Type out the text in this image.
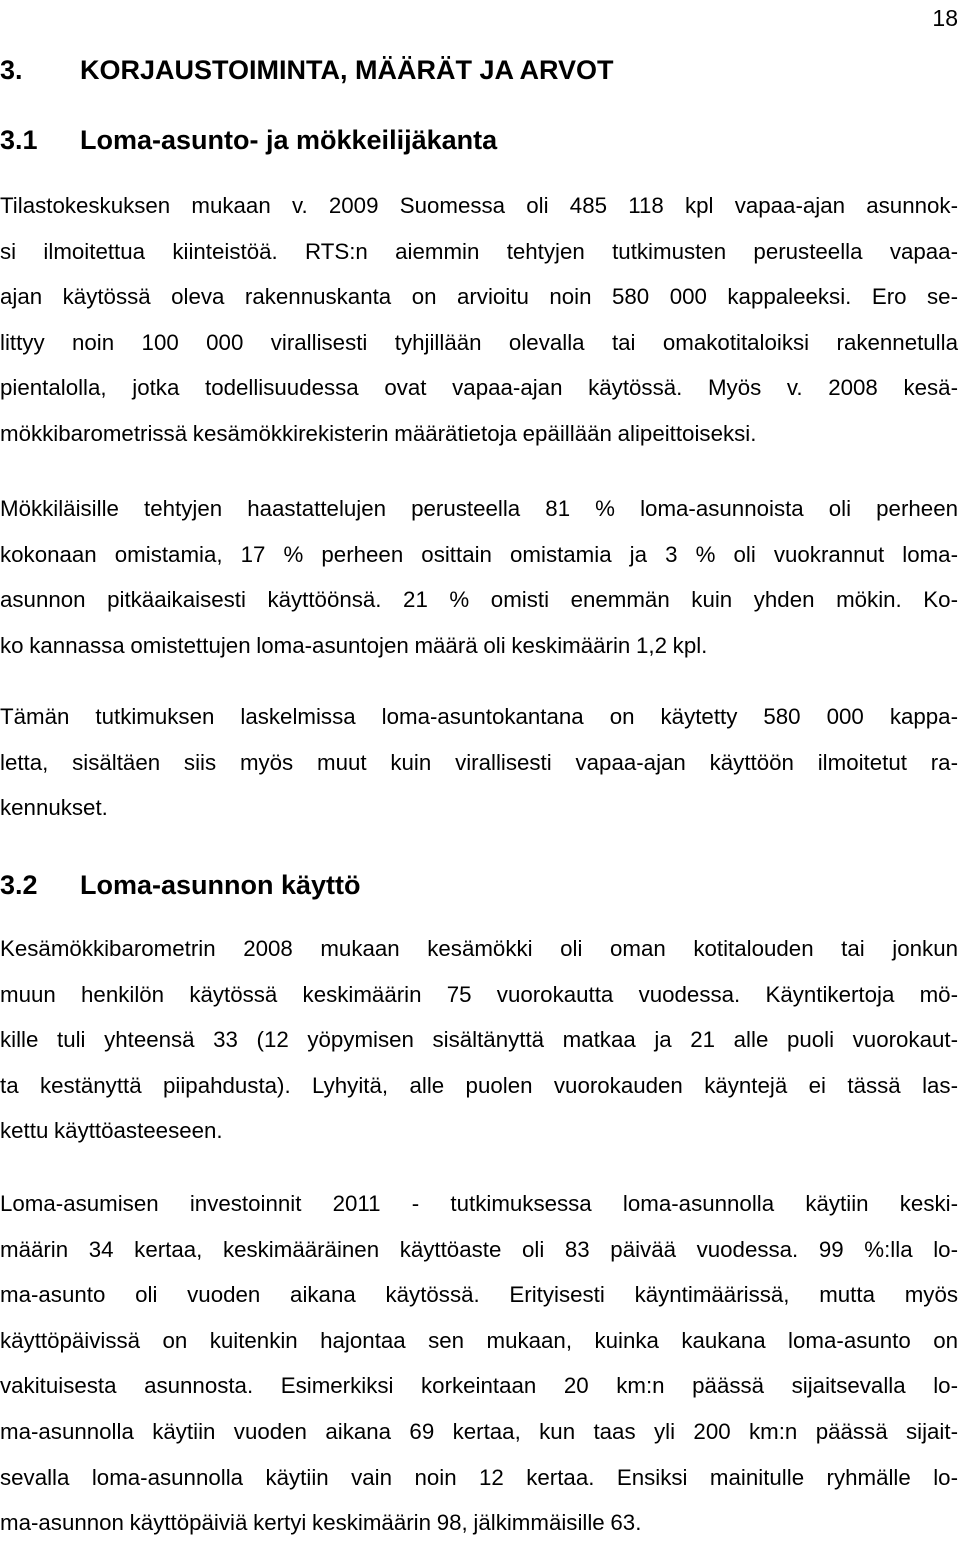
18
3. KORJAUSTOIMINTA, MÄÄRÄT JA ARVOT
3.1 Loma-asunto- ja mökkeilijäkanta
Tilastokeskuksen mukaan v. 2009 Suomessa oli 485 118 kpl vapaa-ajan asunnok-
si ilmoitettua kiinteistöä. RTS:n aiemmin tehtyjen tutkimusten perusteella vapaa-
ajan käytössä oleva rakennuskanta on arvioitu noin 580 000 kappaleeksi. Ero se-
littyy noin 100 000 virallisesti tyhjillään olevalla tai omakotitaloiksi rakennetulla
pientalolla, jotka todellisuudessa ovat vapaa-ajan käytössä. Myös v. 2008 kesä-
mökkibarometrissä kesämökkirekisterin määrätietoja epäillään alipeittoiseksi.
Mökkiläisille tehtyjen haastattelujen perusteella 81 % loma-asunnoista oli perheen
kokonaan omistamia, 17 % perheen osittain omistamia ja 3 % oli vuokrannut loma-
asunnon pitkäaikaisesti käyttöönsä. 21 % omisti enemmän kuin yhden mökin. Ko-
ko kannassa omistettujen loma-asuntojen määrä oli keskimäärin 1,2 kpl.
Tämän tutkimuksen laskelmissa loma-asuntokantana on käytetty 580 000 kappa-
letta, sisältäen siis myös muut kuin virallisesti vapaa-ajan käyttöön ilmoitetut ra-
kennukset.
3.2 Loma-asunnon käyttö
Kesämökkibarometrin 2008 mukaan kesämökki oli oman kotitalouden tai jonkun
muun henkilön käytössä keskimäärin 75 vuorokautta vuodessa. Käyntikertoja mö-
kille tuli yhteensä 33 (12 yöpymisen sisältänyttä matkaa ja 21 alle puoli vuorokaut-
ta kestänyttä piipahdusta). Lyhyitä, alle puolen vuorokauden käyntejä ei tässä las-
kettu käyttöasteeseen.
Loma-asumisen investoinnit 2011 - tutkimuksessa loma-asunnolla käytiin keski-
määrin 34 kertaa, keskimääräinen käyttöaste oli 83 päivää vuodessa. 99 %:lla lo-
ma-asunto oli vuoden aikana käytössä. Erityisesti käyntimäärissä, mutta myös
käyttöpäivissä on kuitenkin hajontaa sen mukaan, kuinka kaukana loma-asunto on
vakituisesta asunnosta. Esimerkiksi korkeintaan 20 km:n päässä sijaitsevalla lo-
ma-asunnolla käytiin vuoden aikana 69 kertaa, kun taas yli 200 km:n päässä sijait-
sevalla loma-asunnolla käytiin vain noin 12 kertaa. Ensiksi mainitulle ryhmälle lo-
ma-asunnon käyttöpäiviä kertyi keskimäärin 98, jälkimmäisille 63.
